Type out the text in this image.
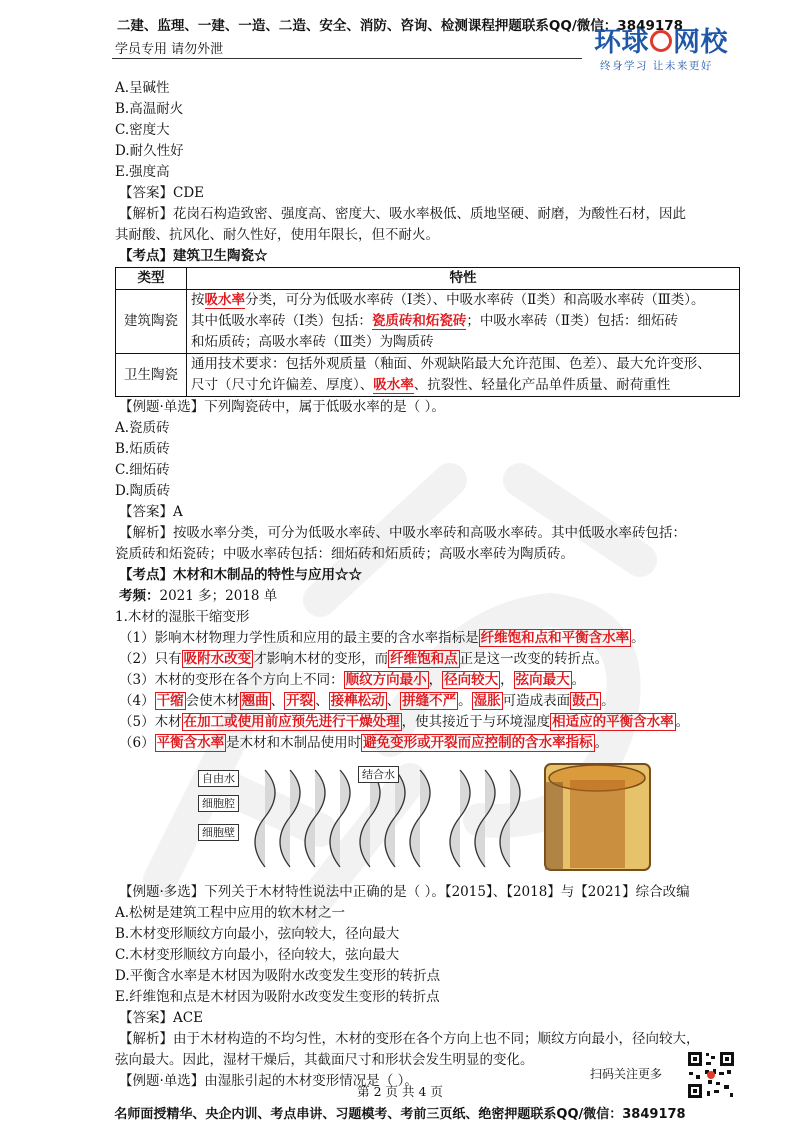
二建、监理、一建、一造、二造、安全、消防、咨询、检测课程押题联系QQ/微信：3849178
学员专用 请勿外泄	环球 网校
终身学习 让未来更好
A.呈碱性
B.高温耐火
C.密度大
D.耐久性好
E.强度高
【答案】CDE
【解析】花岗石构造致密、强度高、密度大、吸水率极低、质地坚硬、耐磨，为酸性石材，因此
其耐酸、抗风化、耐久性好，使用年限长，但不耐火。
【考点】建筑卫生陶瓷☆
类型	特性
建筑陶瓷	按吸水率分类，可分为低吸水率砖（Ⅰ类）、中吸水率砖（Ⅱ类）和高吸水率砖（Ⅲ类）。
其中低吸水率砖（Ⅰ类）包括：瓷质砖和炻瓷砖；中吸水率砖（Ⅱ类）包括：细炻砖
和炻质砖；高吸水率砖（Ⅲ类）为陶质砖

卫生陶瓷	通用技术要求：包括外观质量（釉面、外观缺陷最大允许范围、色差）、最大允许变形、
尺寸（尺寸允许偏差、厚度）、吸水率、抗裂性、轻量化产品单件质量、耐荷重性
【例题·单选】下列陶瓷砖中，属于低吸水率的是（ ）。
A.瓷质砖
B.炻质砖
C.细炻砖
D.陶质砖
【答案】A
【解析】按吸水率分类，可分为低吸水率砖、中吸水率砖和高吸水率砖。其中低吸水率砖包括：
瓷质砖和炻瓷砖；中吸水率砖包括：细炻砖和炻质砖；高吸水率砖为陶质砖。
【考点】木材和木制品的特性与应用☆☆
考频：2021 多；2018 单
1.木材的湿胀干缩变形
（1）影响木材物理力学性质和应用的最主要的含水率指标是 纤维饱和点和平衡含水率 。
（2）只有 吸附水改变 才影响木材的变形，而 纤维饱和点 正是这一改变的转折点。
（3）木材的变形在各个方向上不同： 顺纹方向最小 ， 径向较大 ， 弦向最大 。
（4） 干缩 会使木材 翘曲 、 开裂 、 接榫松动 、 拼缝不严 。 湿胀 可造成表面 鼓凸 。
（5）木材 在加工或使用前应预先进行干燥处理 ，使其接近于与环境湿度 相适应的平衡含水率 。
（6） 平衡含水率 是木材和木制品使用时 避免变形或开裂而应控制的含水率指标 。
自由水
细胞腔
细胞壁
结合水
【例题·多选】下列关于木材特性说法中正确的是（ ）。【2015】、【2018】与【2021】综合改编
A.松树是建筑工程中应用的软木材之一
B.木材变形顺纹方向最小，弦向较大，径向最大
C.木材变形顺纹方向最小，径向较大，弦向最大
D.平衡含水率是木材因为吸附水改变发生变形的转折点
E.纤维饱和点是木材因为吸附水改变发生变形的转折点
【答案】ACE
【解析】由于木材构造的不均匀性，木材的变形在各个方向上也不同；顺纹方向最小，径向较大，
弦向最大。因此，湿材干燥后，其截面尺寸和形状会发生明显的变化。
【例题·单选】由湿胀引起的木材变形情况是（ ）。	扫码关注更多
第 2 页 共 4 页
名师面授精华、央企内训、考点串讲、习题模考、考前三页纸、绝密押题联系QQ/微信：3849178
